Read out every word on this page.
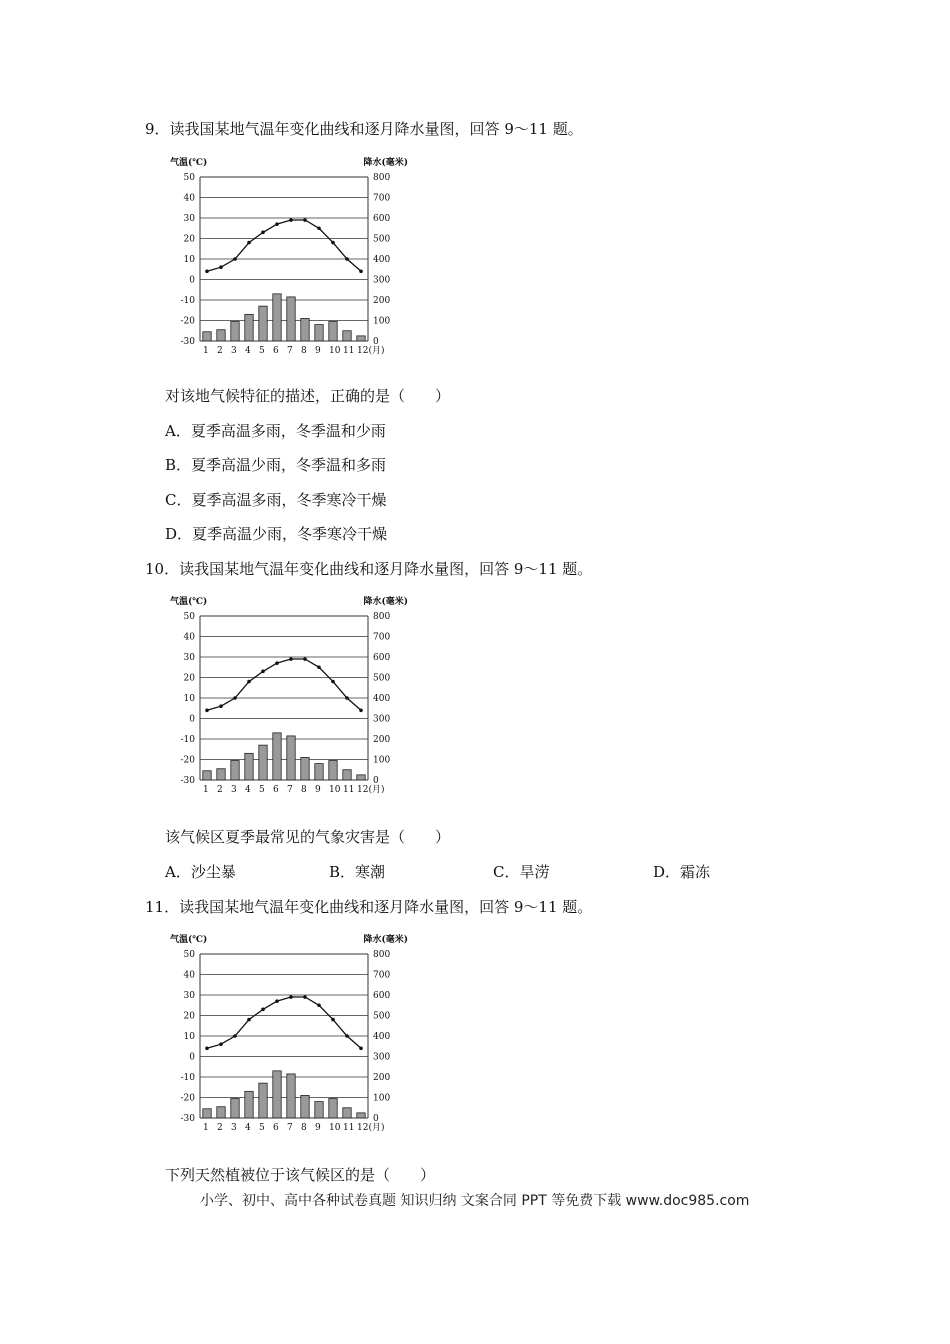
9．读我国某地气温年变化曲线和逐月降水量图，回答 9～11 题。
气温(℃)	降水(毫米)
50	800
40	700
30	600
20	500
10	400
0	300
-10	200
-20	100
-30	0
1 2 3 4 5 6 7 8 9 10 11 12(月)
对该地气候特征的描述，正确的是（　　）
A．夏季高温多雨，冬季温和少雨
B．夏季高温少雨，冬季温和多雨
C．夏季高温多雨，冬季寒冷干燥
D．夏季高温少雨，冬季寒冷干燥
10．读我国某地气温年变化曲线和逐月降水量图，回答 9～11 题。
气温(℃)	降水(毫米)
50	800
40	700
30	600
20	500
10	400
0	300
-10	200
-20	100
-30	0
1 2 3 4 5 6 7 8 9 10 11 12(月)
该气候区夏季最常见的气象灾害是（　　）
A．沙尘暴	B．寒潮	C．旱涝	D．霜冻
11．读我国某地气温年变化曲线和逐月降水量图，回答 9～11 题。
气温(℃)	降水(毫米)
50	800
40	700
30	600
20	500
10	400
0	300
-10	200
-20	100
-30	0
1 2 3 4 5 6 7 8 9 10 11 12(月)
下列天然植被位于该气候区的是（　　）
小学、初中、高中各种试卷真题 知识归纳 文案合同 PPT 等免费下载 www.doc985.com
